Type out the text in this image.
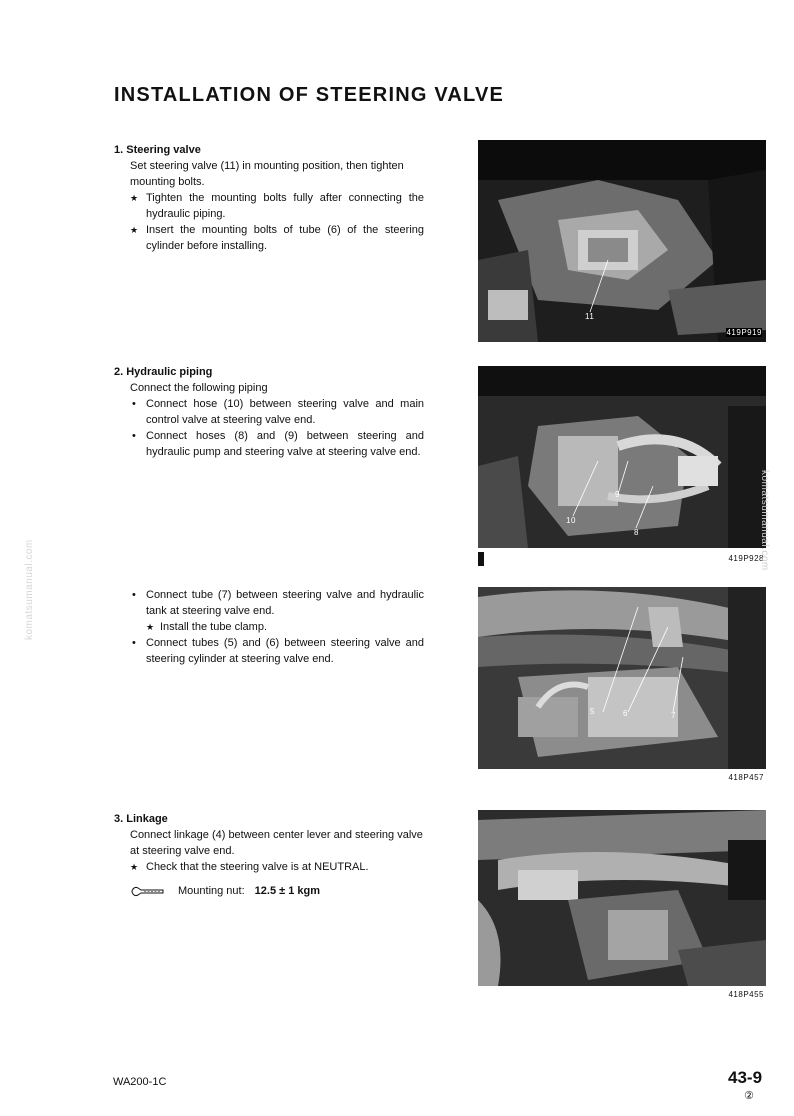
INSTALLATION OF STEERING VALVE

1. Steering valve

Set steering valve (11) in mounting position, then tighten mounting bolts.

★ Tighten the mounting bolts fully after connecting the hydraulic piping.
★ Insert the mounting bolts of tube (6) of the steering cylinder before installing.

2. Hydraulic piping

Connect the following piping

• Connect hose (10) between steering valve and main control valve at steering valve end.
• Connect hoses (8) and (9) between steering and hydraulic pump and steering valve at steering valve end.
• Connect tube (7) between steering valve and hydraulic tank at steering valve end.
★ Install the tube clamp.
• Connect tubes (5) and (6) between steering valve and steering cylinder at steering valve end.

3. Linkage

Connect linkage (4) between center lever and steering valve at steering valve end.

★ Check that the steering valve is at NEUTRAL.
Mounting nut: 12.5 ± 1 kgm
11
419P919
9
8
10
419P928
5	6	7
418P457
418P455
WA200-1C	43-9
②
komatsumanual.com
komatsumanual.com
